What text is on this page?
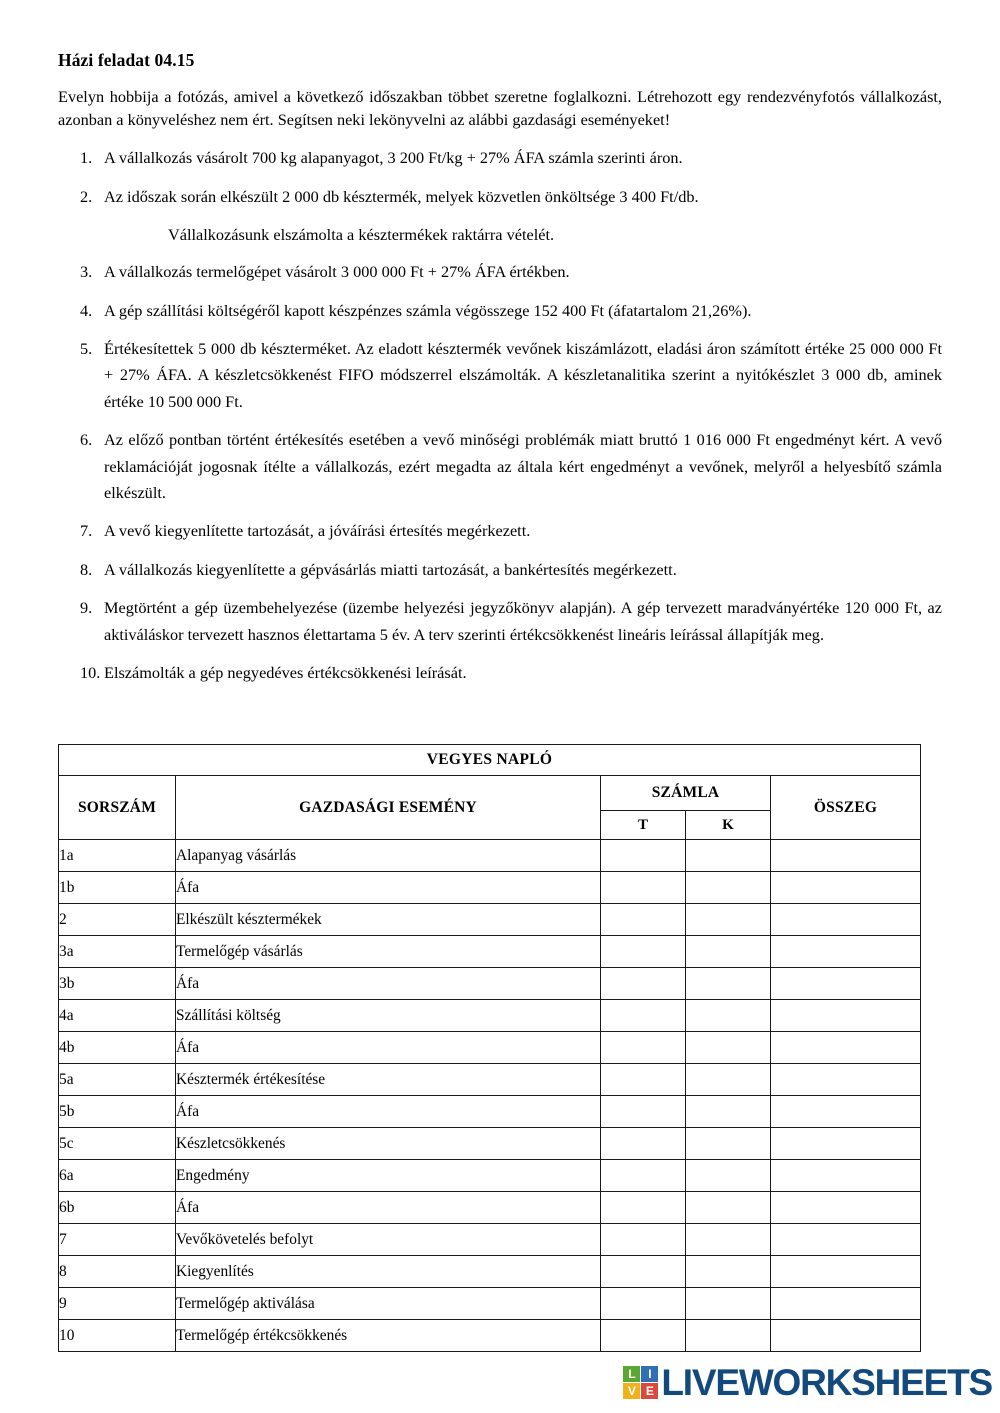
Házi feladat 04.15

Evelyn hobbija a fotózás, amivel a következő időszakban többet szeretne foglalkozni. Létrehozott egy rendezvényfotós vállalkozást, azonban a könyveléshez nem ért. Segítsen neki lekönyvelni az alábbi gazdasági eseményeket!

1. A vállalkozás vásárolt 700 kg alapanyagot, 3 200 Ft/kg + 27% ÁFA számla szerinti áron.
2. Az időszak során elkészült 2 000 db késztermék, melyek közvetlen önköltsége 3 400 Ft/db.
Vállalkozásunk elszámolta a késztermékek raktárra vételét.
3. A vállalkozás termelőgépet vásárolt 3 000 000 Ft + 27% ÁFA értékben.
4. A gép szállítási költségéről kapott készpénzes számla végösszege 152 400 Ft (áfatartalom 21,26%).
5. Értékesítettek 5 000 db készterméket. Az eladott késztermék vevőnek kiszámlázott, eladási áron számított értéke 25 000 000 Ft + 27% ÁFA. A készletcsökkenést FIFO módszerrel elszámolták. A készletanalitika szerint a nyitókészlet 3 000 db, aminek értéke 10 500 000 Ft.
6. Az előző pontban történt értékesítés esetében a vevő minőségi problémák miatt bruttó 1 016 000 Ft engedményt kért. A vevő reklamációját jogosnak ítélte a vállalkozás, ezért megadta az általa kért engedményt a vevőnek, melyről a helyesbítő számla elkészült.
7. A vevő kiegyenlítette tartozását, a jóváírási értesítés megérkezett.
8. A vállalkozás kiegyenlítette a gépvásárlás miatti tartozását, a bankértesítés megérkezett.
9. Megtörtént a gép üzembehelyezése (üzembe helyezési jegyzőkönyv alapján). A gép tervezett maradványértéke 120 000 Ft, az aktiváláskor tervezett hasznos élettartama 5 év. A terv szerinti értékcsökkenést lineáris leírással állapítják meg.
10. Elszámolták a gép negyedéves értékcsökkenési leírását.
VEGYES NAPLÓ				
SORSZÁM	GAZDASÁGI ESEMÉNY	SZÁMLA		ÖSSZEG
		T	K	
1a	Alapanyag vásárlás			
1b	Áfa			
2	Elkészült késztermékek			
3a	Termelőgép vásárlás			
3b	Áfa			
4a	Szállítási költség			
4b	Áfa			
5a	Késztermék értékesítése			
5b	Áfa			
5c	Készletcsökkenés			
6a	Engedmény			
6b	Áfa			
7	Vevőkövetelés befolyt			
8	Kiegyenlítés			
9	Termelőgép aktiválása			
10	Termelőgép értékcsökkenés			
L	I
V E LIVEWORKSHEETS
